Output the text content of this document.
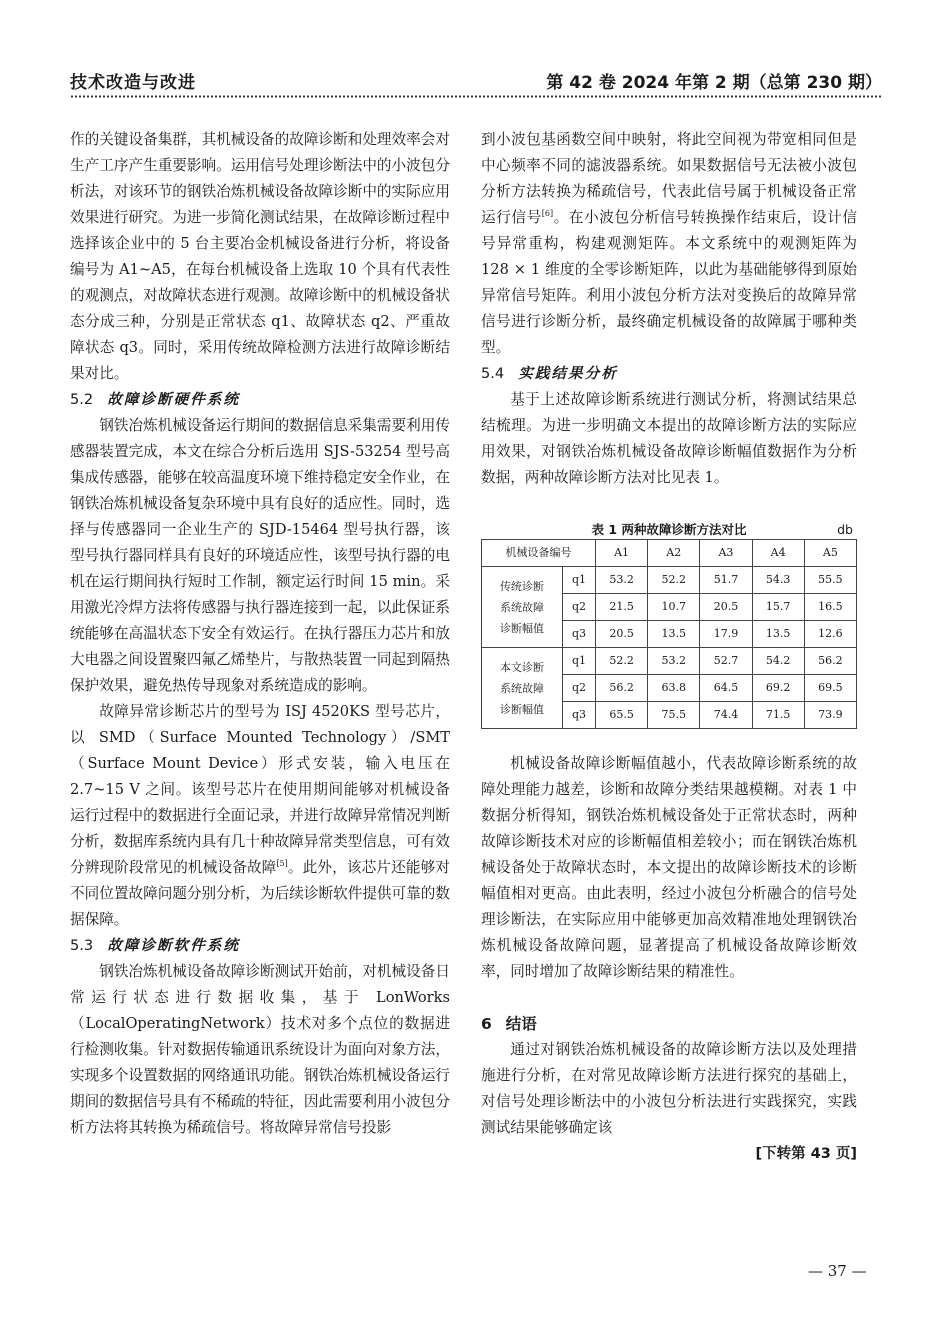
技术改造与改进	第 42 卷 2024 年第 2 期（总第 230 期）

作的关键设备集群，其机械设备的故障诊断和处理效率会对生产工序产生重要影响。运用信号处理诊断法中的小波包分析法，对该环节的钢铁冶炼机械设备故障诊断中的实际应用效果进行研究。为进一步简化测试结果，在故障诊断过程中选择该企业中的 5 台主要冶金机械设备进行分析，将设备编号为 A1~A5，在每台机械设备上选取 10 个具有代表性的观测点，对故障状态进行观测。故障诊断中的机械设备状态分成三种，分别是正常状态 q1、故障状态 q2、严重故障状态 q3。同时，采用传统故障检测方法进行故障诊断结果对比。

5.2 故障诊断硬件系统

钢铁冶炼机械设备运行期间的数据信息采集需要利用传感器装置完成，本文在综合分析后选用 SJS-53254 型号高集成传感器，能够在较高温度环境下维持稳定安全作业，在钢铁冶炼机械设备复杂环境中具有良好的适应性。同时，选择与传感器同一企业生产的 SJD-15464 型号执行器，该型号执行器同样具有良好的环境适应性，该型号执行器的电机在运行期间执行短时工作制，额定运行时间 15 min。采用激光冷焊方法将传感器与执行器连接到一起，以此保证系统能够在高温状态下安全有效运行。在执行器压力芯片和放大电器之间设置聚四氟乙烯垫片，与散热装置一同起到隔热保护效果，避免热传导现象对系统造成的影响。

故障异常诊断芯片的型号为 ISJ 4520KS 型号芯片，以 SMD（Surface Mounted Technology）/SMT（Surface Mount Device）形式安装，输入电压在 2.7~15 V 之间。该型号芯片在使用期间能够对机械设备运行过程中的数据进行全面记录，并进行故障异常情况判断分析，数据库系统内具有几十种故障异常类型信息，可有效分辨现阶段常见的机械设备故障[5]。此外，该芯片还能够对不同位置故障问题分别分析，为后续诊断软件提供可靠的数据保障。

5.3 故障诊断软件系统

钢铁冶炼机械设备故障诊断测试开始前，对机械设备日常运行状态进行数据收集，基于 LonWorks（LocalOperatingNetwork）技术对多个点位的数据进行检测收集。针对数据传输通讯系统设计为面向对象方法，实现多个设置数据的网络通讯功能。钢铁冶炼机械设备运行期间的数据信号具有不稀疏的特征，因此需要利用小波包分析方法将其转换为稀疏信号。将故障异常信号投影

到小波包基函数空间中映射，将此空间视为带宽相同但是中心频率不同的滤波器系统。如果数据信号无法被小波包分析方法转换为稀疏信号，代表此信号属于机械设备正常运行信号[6]。在小波包分析信号转换操作结束后，设计信号异常重构，构建观测矩阵。本文系统中的观测矩阵为 128 × 1 维度的全零诊断矩阵，以此为基础能够得到原始异常信号矩阵。利用小波包分析方法对变换后的故障异常信号进行诊断分析，最终确定机械设备的故障属于哪种类型。

5.4 实践结果分析

基于上述故障诊断系统进行测试分析，将测试结果总结梳理。为进一步明确文本提出的故障诊断方法的实际应用效果，对钢铁冶炼机械设备故障诊断幅值数据作为分析数据，两种故障诊断方法对比见表 1。

表 1 两种故障诊断方法对比	db
机械设备编号		A1	A2	A3	A4	A5

传统诊断
系统故障
诊断幅值	q1	53.2	52.2	51.7	54.3	55.5
	q2	21.5	10.7	20.5	15.7	16.5
	q3	20.5	13.5	17.9	13.5	12.6

本文诊断
系统故障
诊断幅值	q1	52.2	53.2	52.7	54.2	56.2
	q2	56.2	63.8	64.5	69.2	69.5
	q3	65.5	75.5	74.4	71.5	73.9

机械设备故障诊断幅值越小，代表故障诊断系统的故障处理能力越差，诊断和故障分类结果越模糊。对表 1 中数据分析得知，钢铁冶炼机械设备处于正常状态时，两种故障诊断技术对应的诊断幅值相差较小；而在钢铁冶炼机械设备处于故障状态时，本文提出的故障诊断技术的诊断幅值相对更高。由此表明，经过小波包分析融合的信号处理诊断法，在实际应用中能够更加高效精准地处理钢铁冶炼机械设备故障问题，显著提高了机械设备故障诊断效率，同时增加了故障诊断结果的精准性。

6 结语

通过对钢铁冶炼机械设备的故障诊断方法以及处理措施进行分析，在对常见故障诊断方法进行探究的基础上，对信号处理诊断法中的小波包分析法进行实践探究，实践测试结果能够确定该

[下转第 43 页]
— 37 —
